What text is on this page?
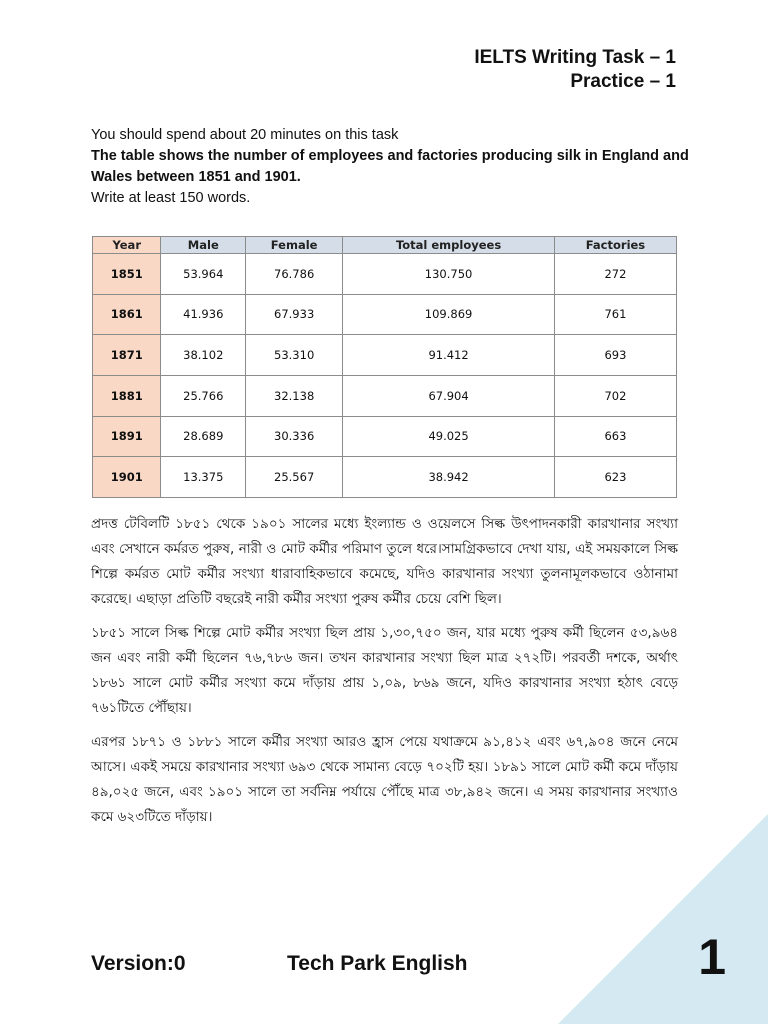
IELTS Writing Task – 1
Practice – 1
You should spend about 20 minutes on this task
The table shows the number of employees and factories producing silk in England and Wales between 1851 and 1901.
Write at least 150 words.
Year	Male	Female	Total employees	Factories
1851	53.964	76.786	130.750	272
1861	41.936	67.933	109.869	761
1871	38.102	53.310	91.412	693
1881	25.766	32.138	67.904	702
1891	28.689	30.336	49.025	663
1901	13.375	25.567	38.942	623

প্রদত্ত টেবিলটি ১৮৫১ থেকে ১৯০১ সালের মধ্যে ইংল্যান্ড ও ওয়েলসে সিল্ক উৎপাদনকারী কারখানার সংখ্যা এবং সেখানে কর্মরত পুরুষ, নারী ও মোট কর্মীর পরিমাণ তুলে ধরে।সামগ্রিকভাবে দেখা যায়, এই সময়কালে সিল্ক শিল্পে কর্মরত মোট কর্মীর সংখ্যা ধারাবাহিকভাবে কমেছে, যদিও কারখানার সংখ্যা তুলনামূলকভাবে ওঠানামা করেছে। এছাড়া প্রতিটি বছরেই নারী কর্মীর সংখ্যা পুরুষ কর্মীর চেয়ে বেশি ছিল।

১৮৫১ সালে সিল্ক শিল্পে মোট কর্মীর সংখ্যা ছিল প্রায় ১,৩০,৭৫০ জন, যার মধ্যে পুরুষ কর্মী ছিলেন ৫৩,৯৬৪ জন এবং নারী কর্মী ছিলেন ৭৬,৭৮৬ জন। তখন কারখানার সংখ্যা ছিল মাত্র ২৭২টি। পরবর্তী দশকে, অর্থাৎ ১৮৬১ সালে মোট কর্মীর সংখ্যা কমে দাঁড়ায় প্রায় ১,০৯, ৮৬৯ জনে, যদিও কারখানার সংখ্যা হঠাৎ বেড়ে ৭৬১টিতে পৌঁছায়।

এরপর ১৮৭১ ও ১৮৮১ সালে কর্মীর সংখ্যা আরও হ্রাস পেয়ে যথাক্রমে ৯১,৪১২ এবং ৬৭,৯০৪ জনে নেমে আসে। একই সময়ে কারখানার সংখ্যা ৬৯৩ থেকে সামান্য বেড়ে ৭০২টি হয়। ১৮৯১ সালে মোট কর্মী কমে দাঁড়ায় ৪৯,০২৫ জনে, এবং ১৯০১ সালে তা সর্বনিম্ন পর্যায়ে পৌঁছে মাত্র ৩৮,৯৪২ জনে। এ সময় কারখানার সংখ্যাও কমে ৬২৩টিতে দাঁড়ায়।

Version:0	Tech Park English	1
